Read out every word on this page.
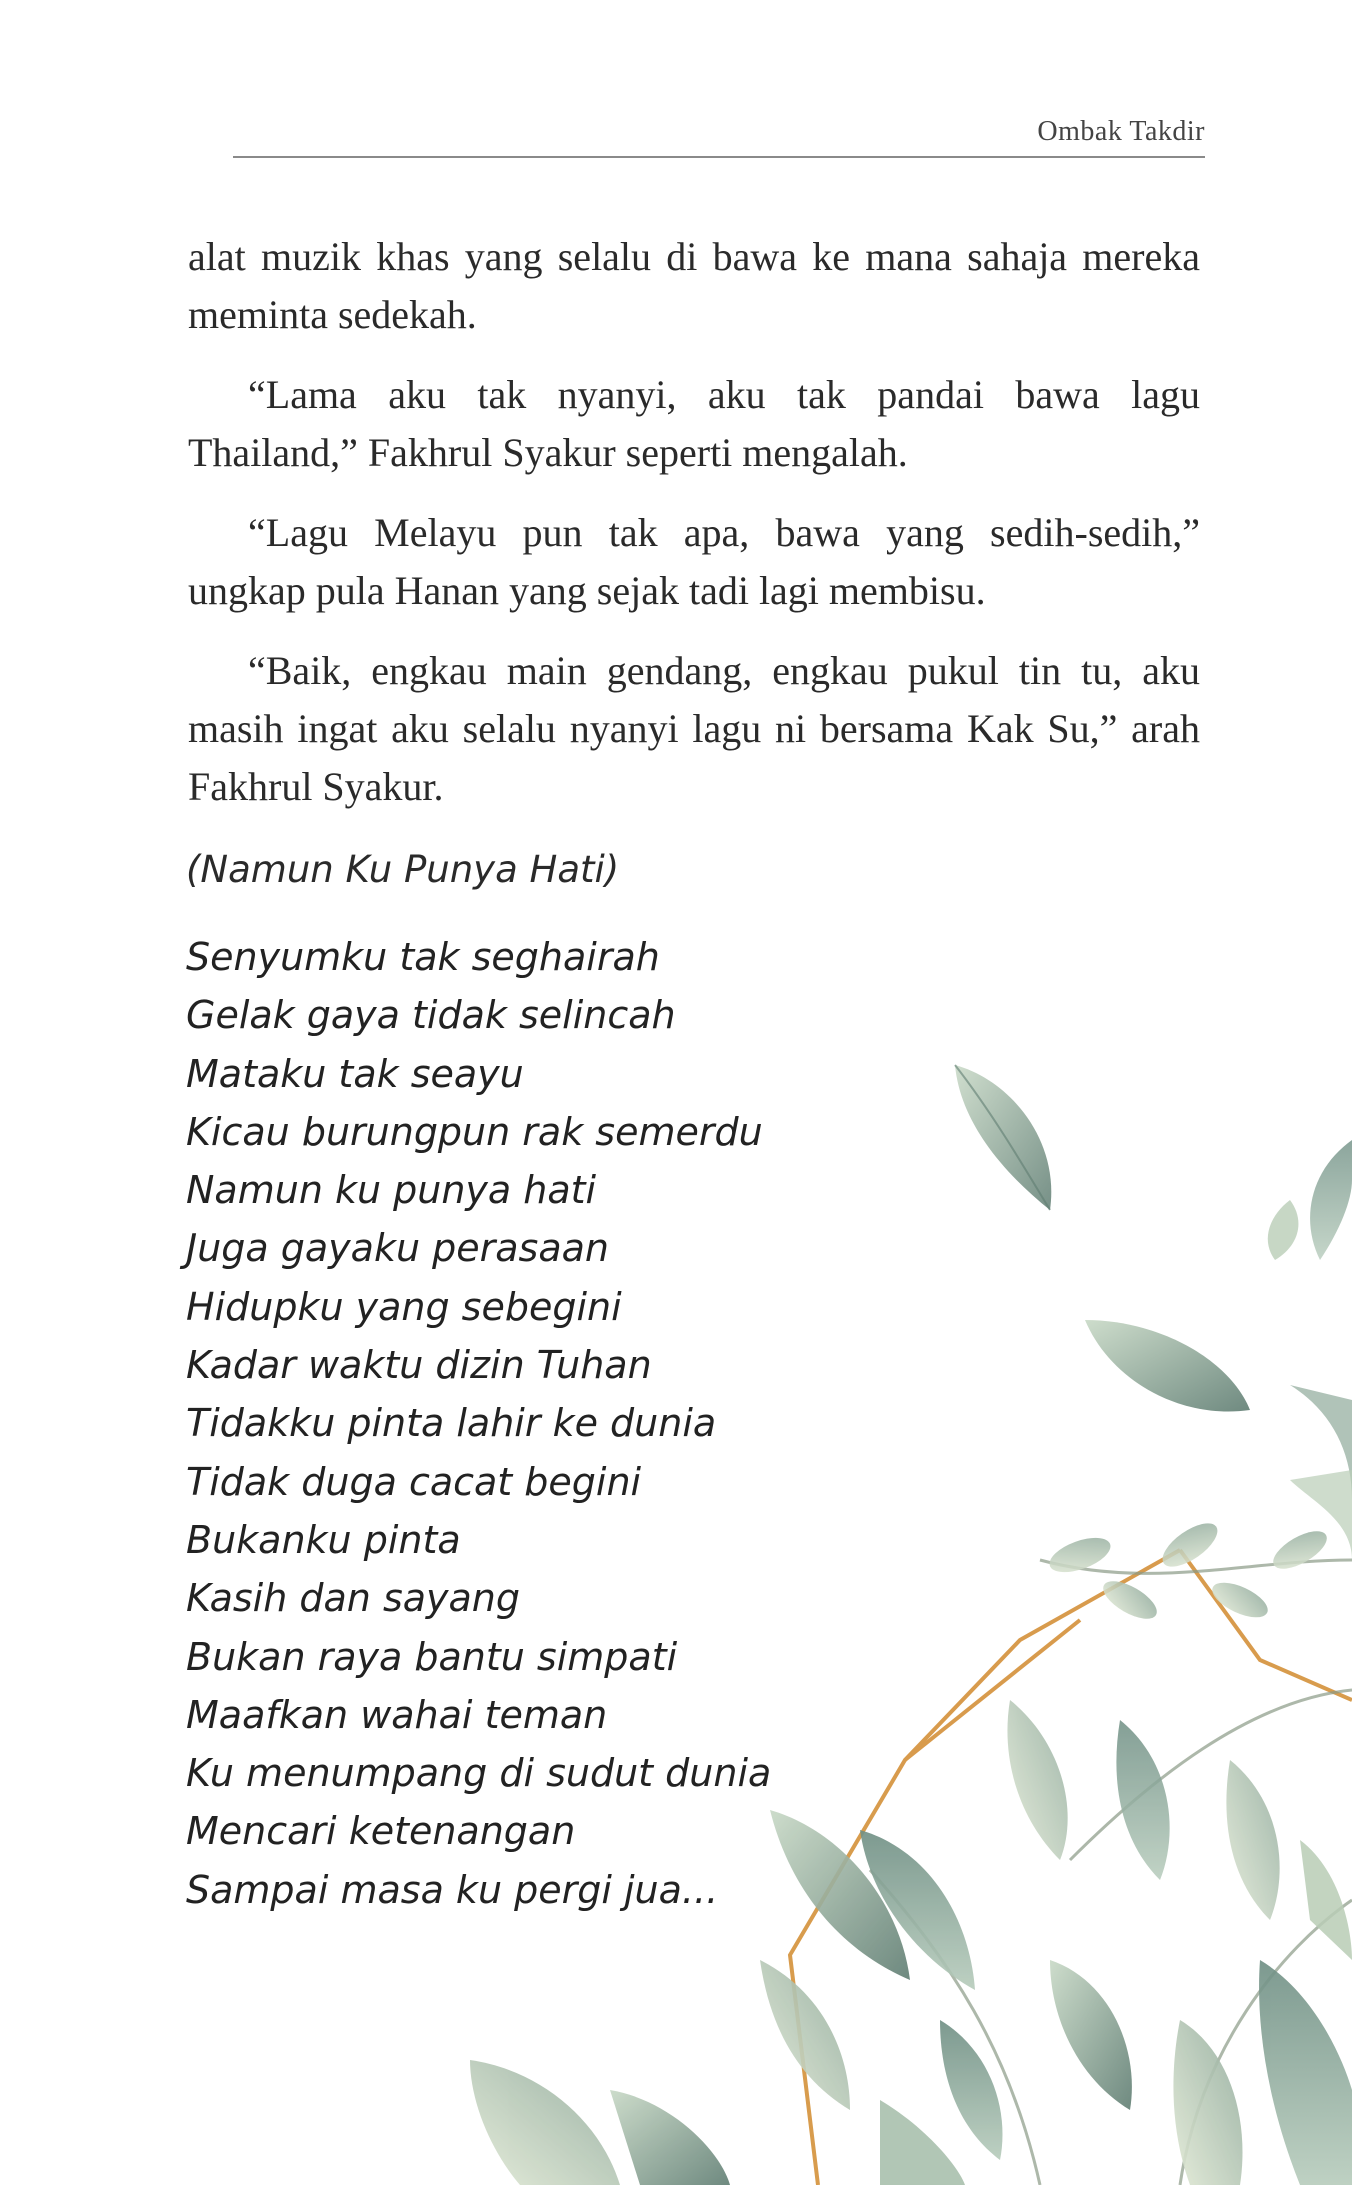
Ombak Takdir

alat muzik khas yang selalu di bawa ke mana sahaja mereka meminta sedekah.

“Lama aku tak nyanyi, aku tak pandai bawa lagu Thailand,” Fakhrul Syakur seperti mengalah.

“Lagu Melayu pun tak apa, bawa yang sedih-sedih,” ungkap pula Hanan yang sejak tadi lagi membisu.

“Baik, engkau main gendang, engkau pukul tin tu, aku masih ingat aku selalu nyanyi lagu ni bersama Kak Su,” arah Fakhrul Syakur.

(Namun Ku Punya Hati)
Senyumku tak seghairah
Gelak gaya tidak selincah
Mataku tak seayu
Kicau burungpun rak semerdu
Namun ku punya hati
Juga gayaku perasaan
Hidupku yang sebegini
Kadar waktu dizin Tuhan
Tidakku pinta lahir ke dunia
Tidak duga cacat begini
Bukanku pinta
Kasih dan sayang
Bukan raya bantu simpati
Maafkan wahai teman
Ku menumpang di sudut dunia
Mencari ketenangan
Sampai masa ku pergi jua...
